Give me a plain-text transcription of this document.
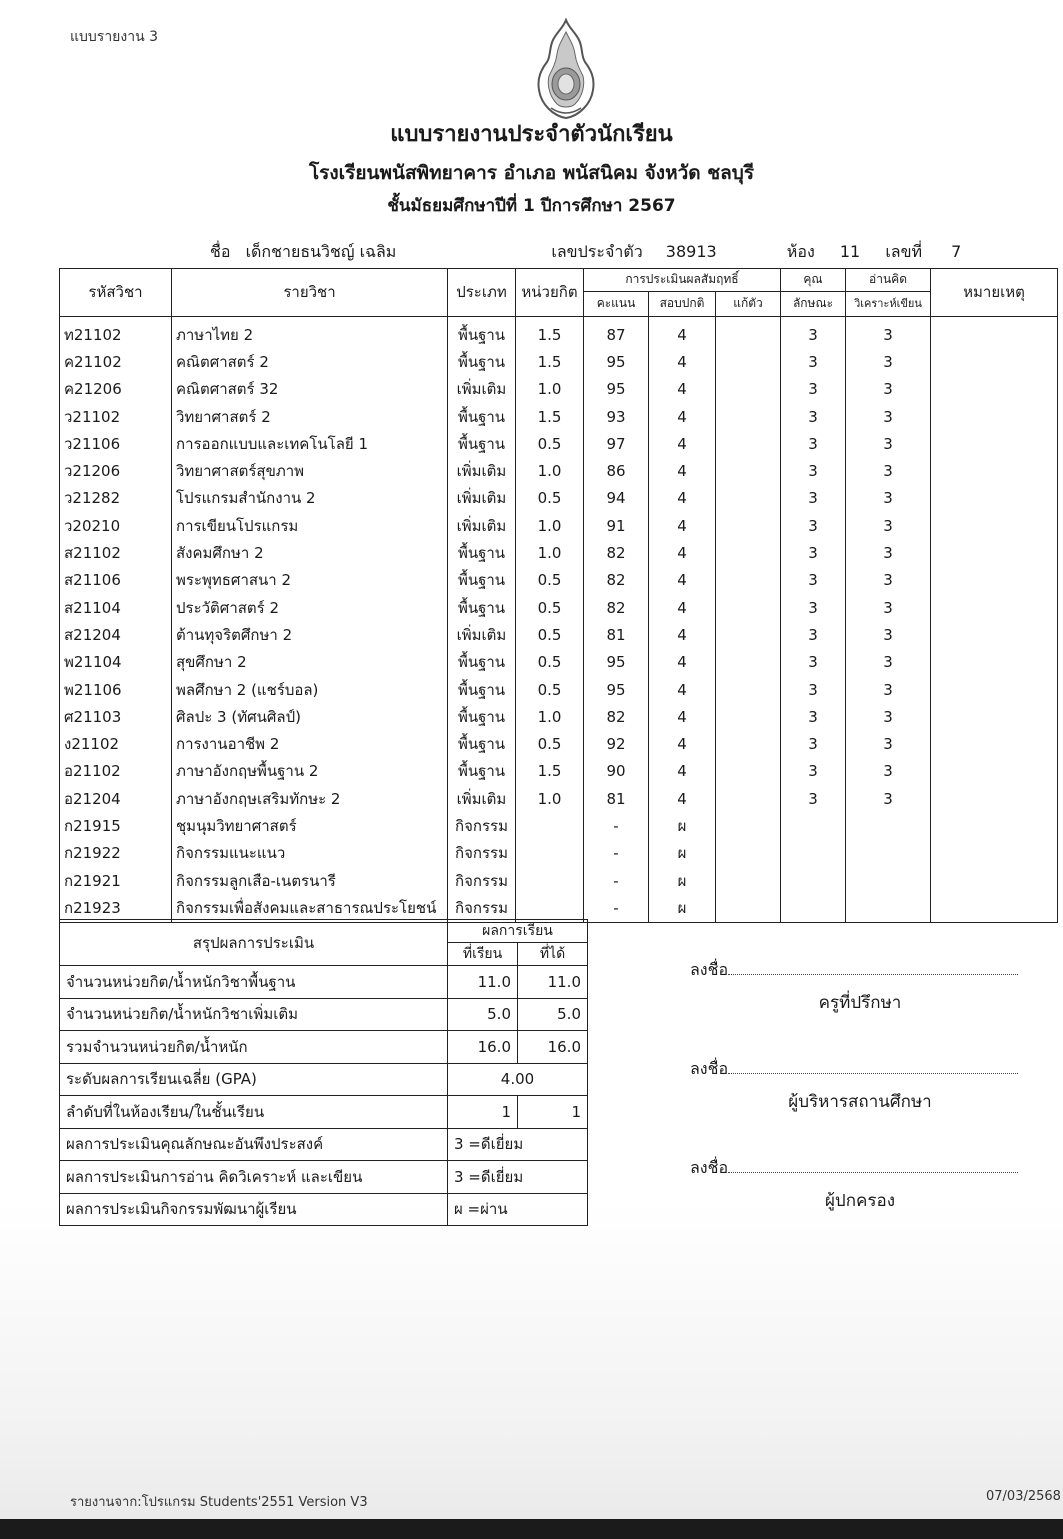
แบบรายงาน 3
แบบรายงานประจำตัวนักเรียน
โรงเรียนพนัสพิทยาคาร อำเภอ พนัสนิคม จังหวัด ชลบุรี
ชั้นมัธยมศึกษาปีที่ 1 ปีการศึกษา 2567
ชื่อ เด็กชายธนวิชญ์ เฉลิม	เลขประจำตัว 38913	ห้อง 11 เลขที่ 7
รหัสวิชา	รายวิชา	ประเภท	หน่วยกิต	การประเมินผลสัมฤทธิ์			คุณ	อ่านคิด	หมายเหตุ
				คะแนน	สอบปกติ	แก้ตัว	ลักษณะ	วิเคราะห์เขียน	
ท21102	ภาษาไทย 2	พื้นฐาน	1.5	87	4		3	3	
ค21102	คณิตศาสตร์ 2	พื้นฐาน	1.5	95	4		3	3	
ค21206	คณิตศาสตร์ 32	เพิ่มเติม	1.0	95	4		3	3	
ว21102	วิทยาศาสตร์ 2	พื้นฐาน	1.5	93	4		3	3	
ว21106	การออกแบบและเทคโนโลยี 1	พื้นฐาน	0.5	97	4		3	3	
ว21206	วิทยาศาสตร์สุขภาพ	เพิ่มเติม	1.0	86	4		3	3	
ว21282	โปรแกรมสำนักงาน 2	เพิ่มเติม	0.5	94	4		3	3	
ว20210	การเขียนโปรแกรม	เพิ่มเติม	1.0	91	4		3	3	
ส21102	สังคมศึกษา 2	พื้นฐาน	1.0	82	4		3	3	
ส21106	พระพุทธศาสนา 2	พื้นฐาน	0.5	82	4		3	3	
ส21104	ประวัติศาสตร์ 2	พื้นฐาน	0.5	82	4		3	3	
ส21204	ต้านทุจริตศึกษา 2	เพิ่มเติม	0.5	81	4		3	3	
พ21104	สุขศึกษา 2	พื้นฐาน	0.5	95	4		3	3	
พ21106	พลศึกษา 2 (แชร์บอล)	พื้นฐาน	0.5	95	4		3	3	
ศ21103	ศิลปะ 3 (ทัศนศิลป์)	พื้นฐาน	1.0	82	4		3	3	
ง21102	การงานอาชีพ 2	พื้นฐาน	0.5	92	4		3	3	
อ21102	ภาษาอังกฤษพื้นฐาน 2	พื้นฐาน	1.5	90	4		3	3	
อ21204	ภาษาอังกฤษเสริมทักษะ 2	เพิ่มเติม	1.0	81	4		3	3	
ก21915	ชุมนุมวิทยาศาสตร์	กิจกรรม		-	ผ				
ก21922	กิจกรรมแนะแนว	กิจกรรม		-	ผ				
ก21921	กิจกรรมลูกเสือ-เนตรนารี	กิจกรรม		-	ผ				
ก21923	กิจกรรมเพื่อสังคมและสาธารณประโยชน์	กิจกรรม		-	ผ				
สรุปผลการประเมิน	ผลการเรียน	
	ที่เรียน	ที่ได้
จำนวนหน่วยกิต/น้ำหนักวิชาพื้นฐาน	11.0	11.0
จำนวนหน่วยกิต/น้ำหนักวิชาเพิ่มเติม	5.0	5.0
รวมจำนวนหน่วยกิต/น้ำหนัก	16.0	16.0
ระดับผลการเรียนเฉลี่ย (GPA)	4.00	
ลำดับที่ในห้องเรียน/ในชั้นเรียน	1	1
ผลการประเมินคุณลักษณะอันพึงประสงค์	3 =ดีเยี่ยม	
ผลการประเมินการอ่าน คิดวิเคราะห์ และเขียน	3 =ดีเยี่ยม	
ผลการประเมินกิจกรรมพัฒนาผู้เรียน	ผ =ผ่าน	
ลงชื่อ
ครูที่ปรึกษา
ลงชื่อ
ผู้บริหารสถานศึกษา
ลงชื่อ
ผู้ปกครอง
รายงานจาก:โปรแกรม Students'2551 Version V3	07/03/2568
